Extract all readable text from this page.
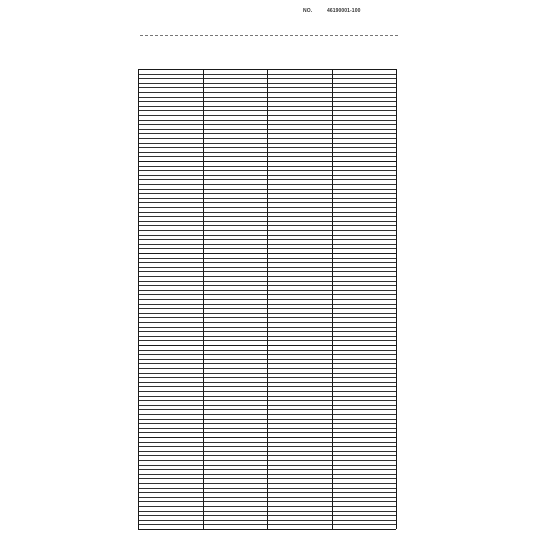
NO.	46190001-100
